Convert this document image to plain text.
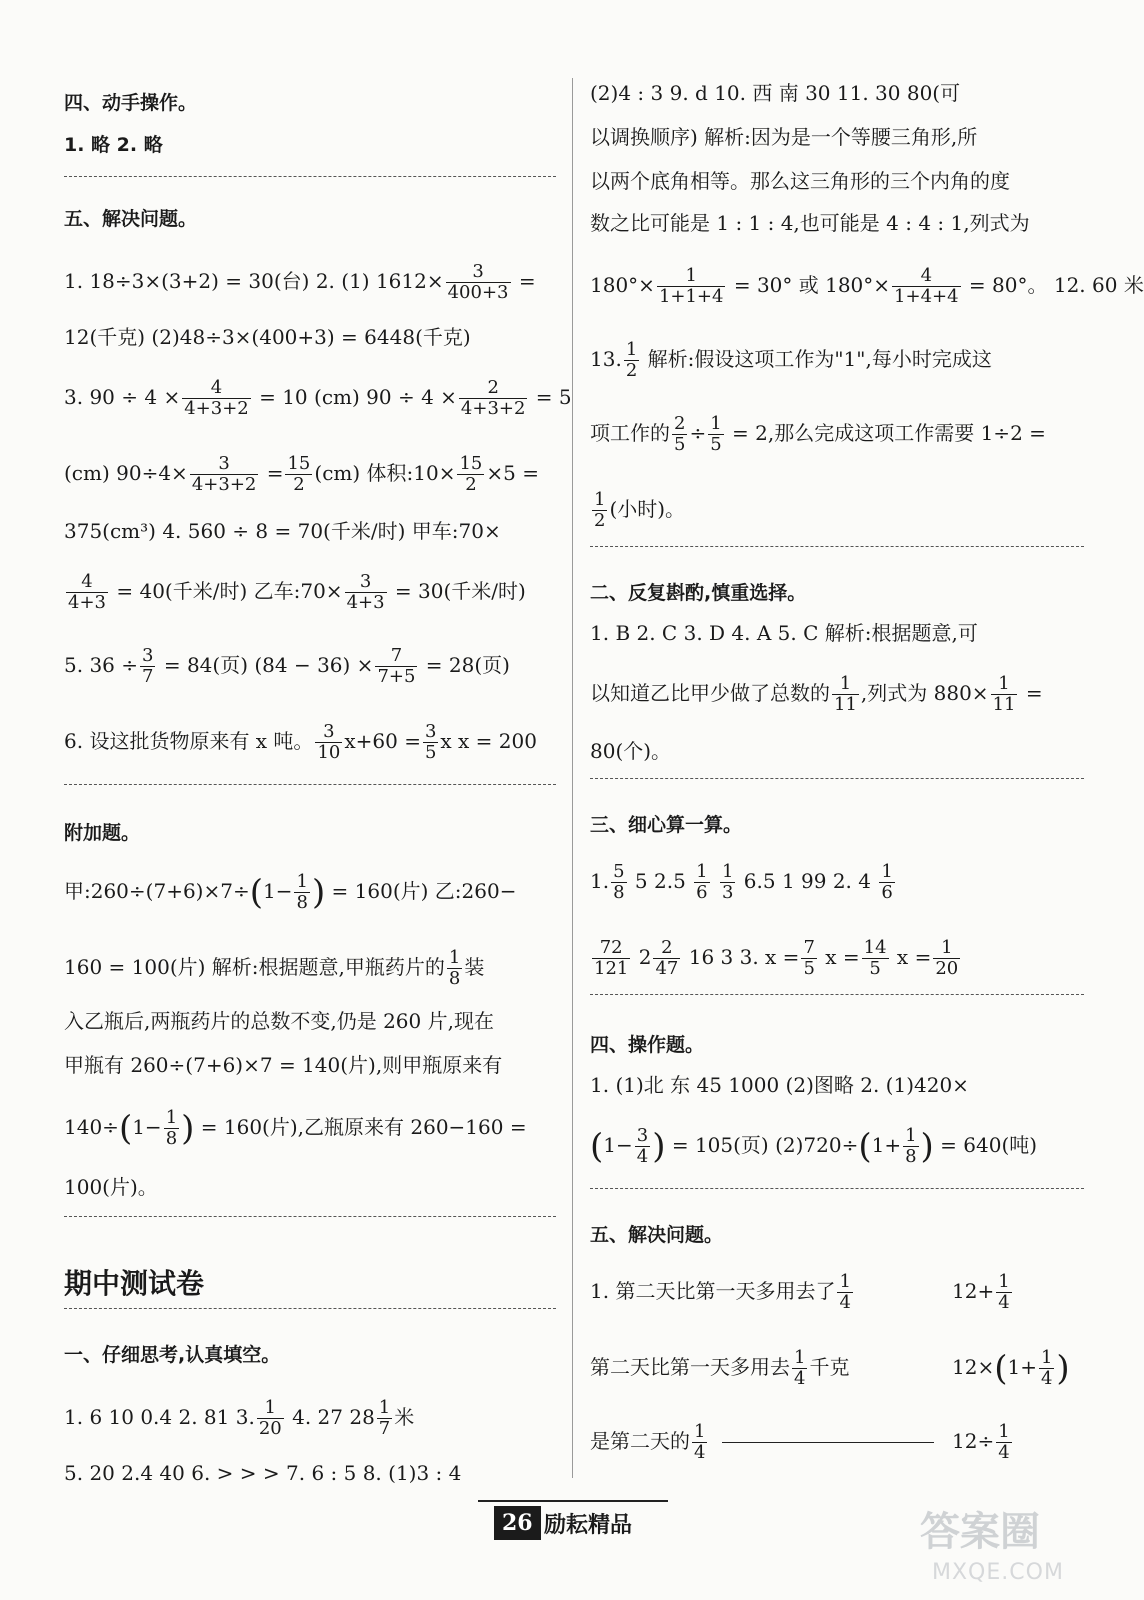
四、动手操作。
1. 略 2. 略
五、解决问题。
1. 18÷3×(3+2) = 30(台) 2. (1) $1612\times \frac{3}{400+3}$ =
12(千克) (2)48÷3×(400+3) = 6448(千克)
3. $90 \div 4 \times \frac{4}{4+3+2} = 10$ (cm) $90 \div 4 \times \frac{2}{4+3+2} = 5$
(cm) $90\div 4\times \frac{3}{4+3+2} = \frac{15}{2} (cm)$ 体积:10× $\frac{15}{2} \times 5$ =
375(cm³) 4. 560 ÷ 8 = 70(千米/时) 甲车:70×
$\frac{4}{4+3} = 40$(千米/时) 乙车:70× $\frac{3}{4+3} = 30$(千米/时)
5. $36 \div \frac{3}{7} = 84$(页) $(84 - 36) \times \frac{7}{7+5} = 28$(页)
6. 设这批货物原来有 x 吨。 $\frac{3}{10} x+60 = \frac{3}{5}$ x x = 200
附加题。
甲:260÷(7+6)×7÷(1− $\frac{1}{8}$ ) = 160(片) 乙:260−
160 = 100(片) 解析:根据题意,甲瓶药片的 $\frac{1}{8}$ 装
入乙瓶后,两瓶药片的总数不变,仍是 260 片,现在
甲瓶有 260÷(7+6)×7 = 140(片),则甲瓶原来有
$140\div(1- \frac{1}{8}$ ) = 160(片),乙瓶原来有 260−160 =
100(片)。
期中测试卷
一、仔细思考,认真填空。
1. 6 10 0.4 2. 81 3. $\frac{1}{20} 4$. 27 $28 \frac{1}{7}$ 米
5. 20 2.4 40 6. > > > 7. 6 : 5 8. (1)3 : 4
(2)4 : 3 9. d 10. 西 南 30 11. 30 80(可
以调换顺序) 解析:因为是一个等腰三角形,所
以两个底角相等。那么这三角形的三个内角的度
数之比可能是 1 : 1 : 4,也可能是 4 : 4 : 1,列式为
$180^\circ\times \frac{1}{1+1+4} = 30^\circ$ 或 $180^\circ\times \frac{4}{1+4+4} = 80^\circ$。 12. 60 米
13. $\frac{1}{2}$ 解析:假设这项工作为"1",每小时完成这
项工作的 $\frac{2}{5} \div \frac{1}{5} = 2$,那么完成这项工作需要 1÷2 =
$\frac{1}{2}$ (小时)。
二、反复斟酌,慎重选择。
1. B 2. C 3. D 4. A 5. C 解析:根据题意,可
以知道乙比甲少做了总数的 $\frac{1}{11}$ ,列式为 $880\times \frac{1}{11}$ =
80(个)。
三、细心算一算。
1. $\frac{5}{8} 5$ $2.5 \frac{1}{6}$
$\frac{1}{3} 6.5$ 1 99 2. $4 \frac{1}{6}$
$\frac{72}{121} 2 \frac{2}{47} 16$ 3 3. $x = \frac{7}{5}$ $x = \frac{14}{5}$ $x = \frac{1}{20}$
四、操作题。
1. (1)北 东 45 1000 (2)图略 2. (1)420×
($1- \frac{3}{4}$ ) = 105(页) $(2)720\div(1+ \frac{1}{8}$ ) = 640(吨)
五、解决问题。
1. 第二天比第一天多用去了 $\frac{1}{4}$	$12+ \frac{1}{4}$
第二天比第一天多用去 $\frac{1}{4}$ 千克	$12\times(1+ \frac{1}{4}$ )
是第二天的 $\frac{1}{4}$
	$12\div \frac{1}{4}$
26 励耘精品	答案圈
MXQE.COM
